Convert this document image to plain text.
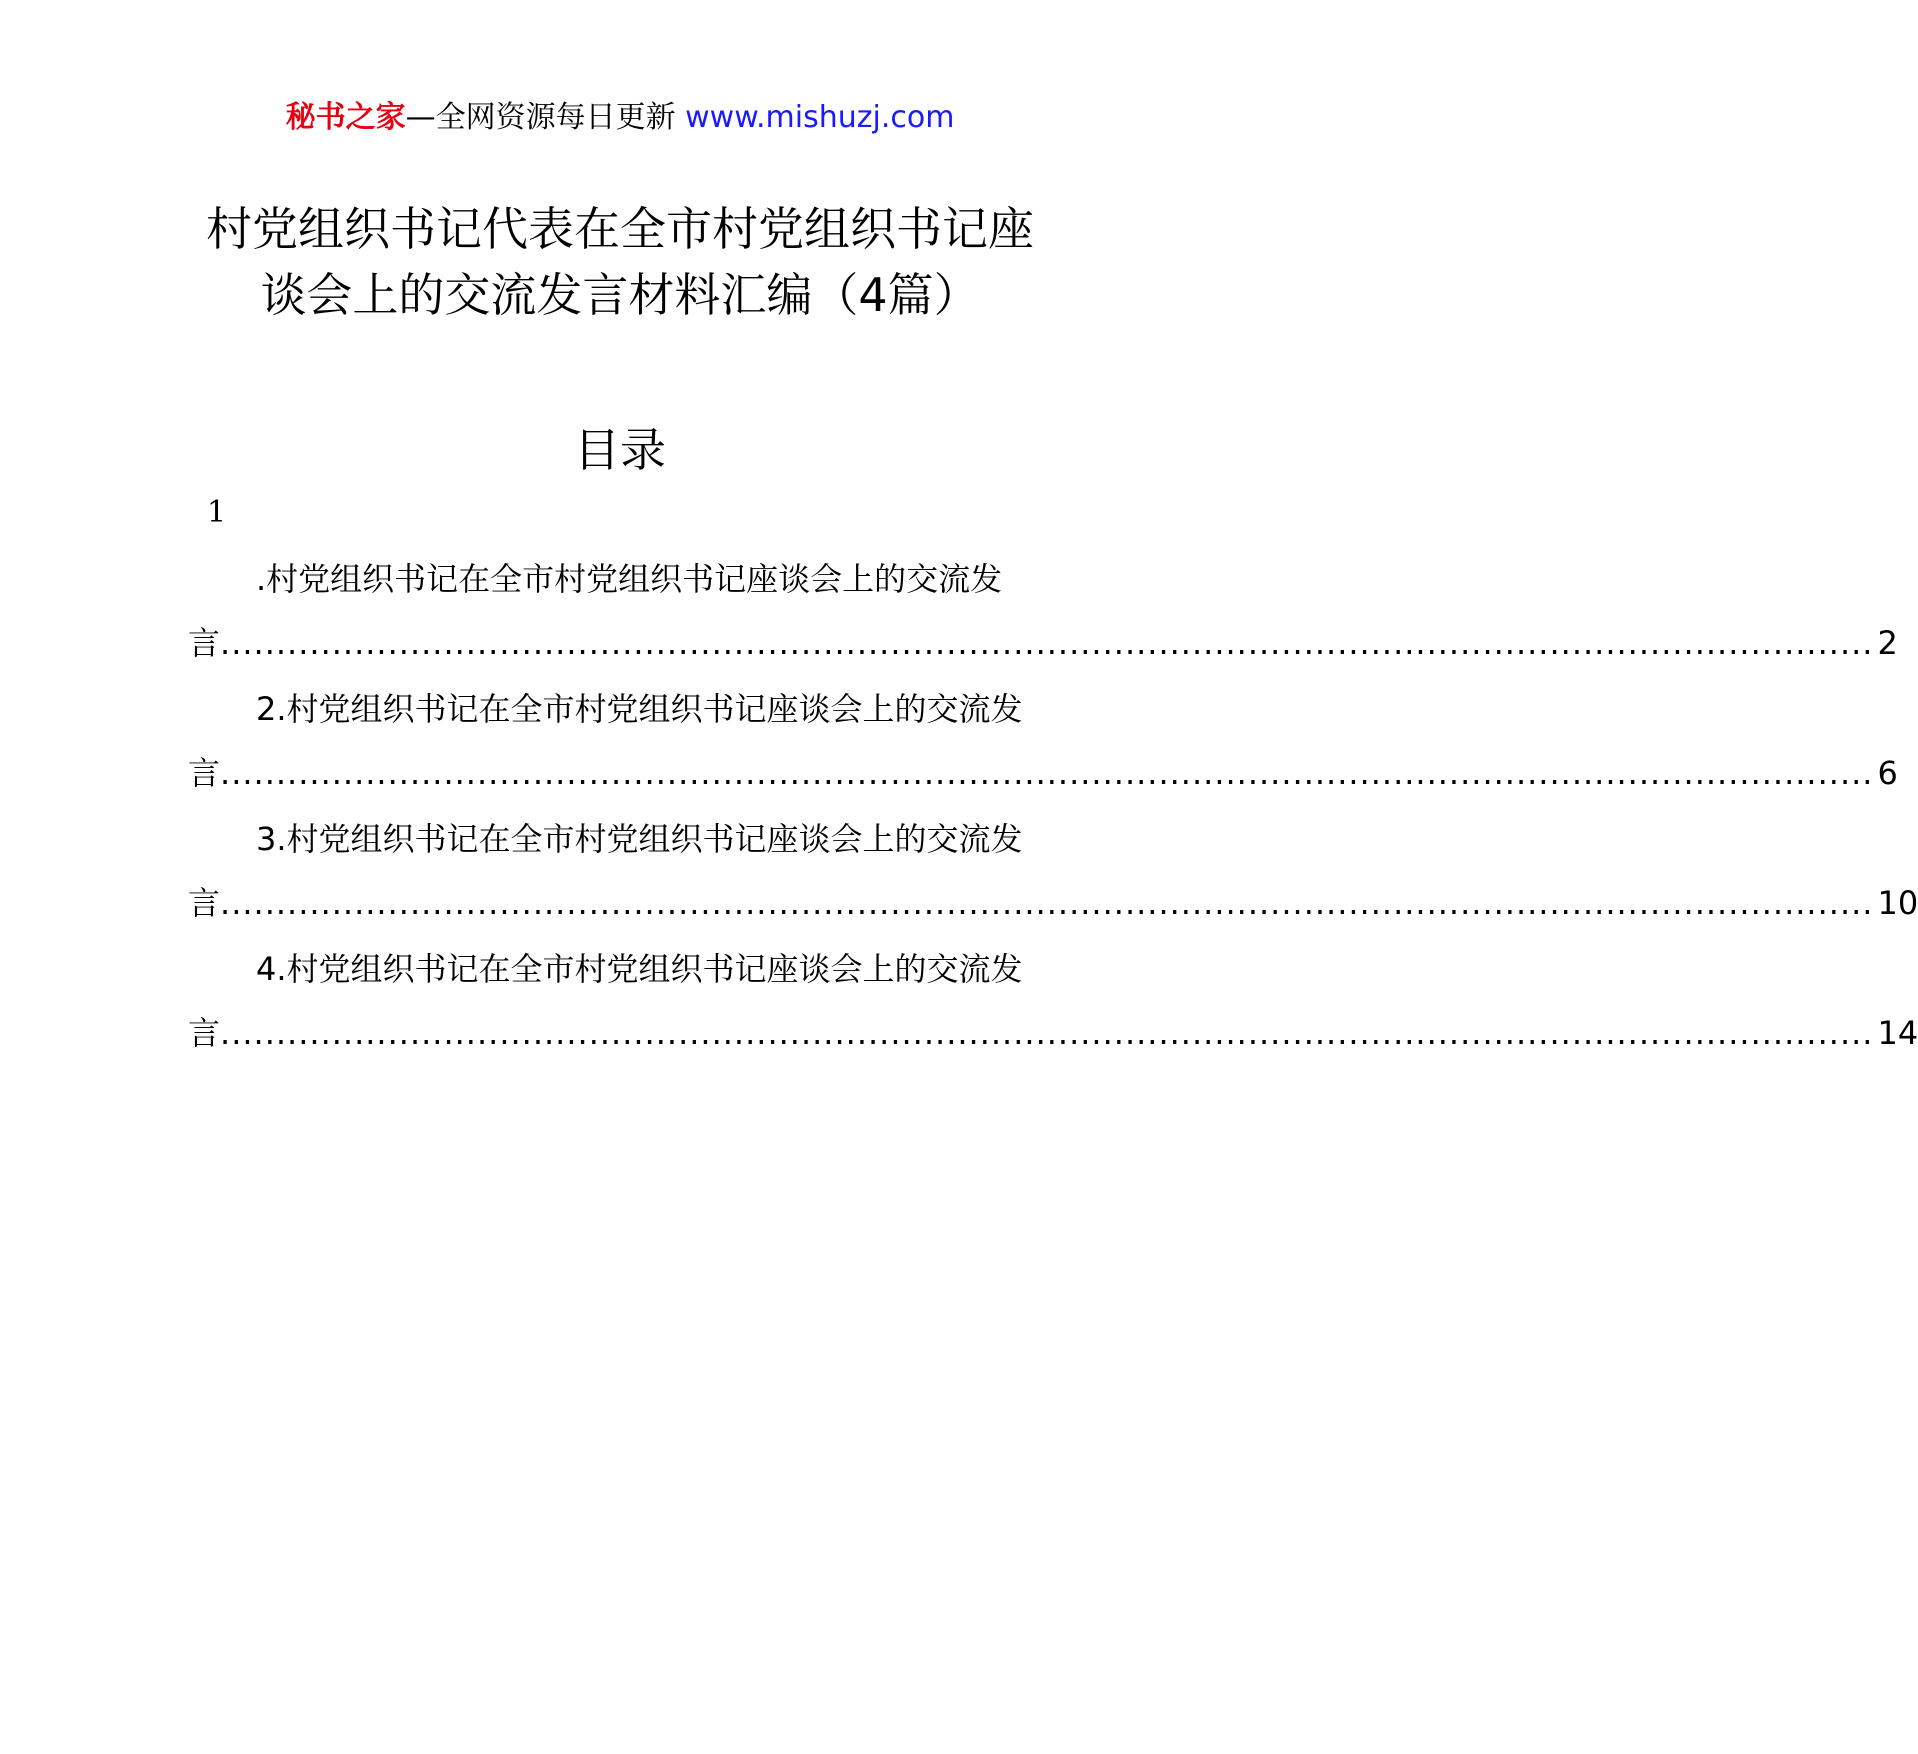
秘书之家—全网资源每日更新 www.mishuzj.com
村党组织书记代表在全市村党组织书记座
谈会上的交流发言材料汇编（4篇）
目录
1
.村党组织书记在全市村党组织书记座谈会上的交流发
言 .................................................................................................................................................... 2
2.村党组织书记在全市村党组织书记座谈会上的交流发
言 .................................................................................................................................................... 6
3.村党组织书记在全市村党组织书记座谈会上的交流发
言 .................................................................................................................................................... 10
4.村党组织书记在全市村党组织书记座谈会上的交流发
言 .................................................................................................................................................... 14
